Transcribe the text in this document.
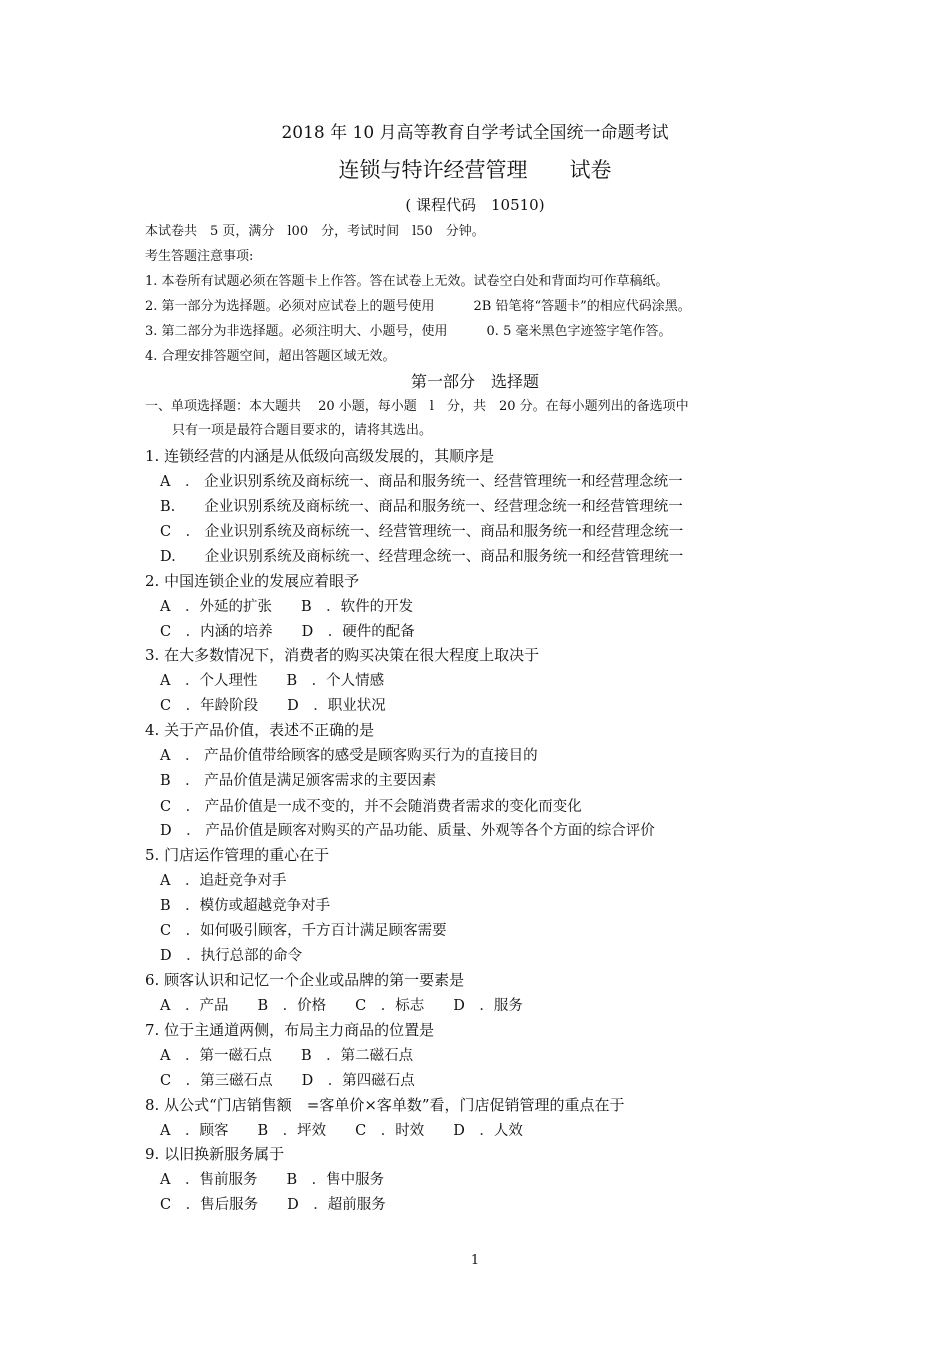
2018 年 10 月高等教育自学考试全国统一命题考试
连锁与特许经营管理　　试卷
( 课程代码　10510)
本试卷共　5 页，满分　l00　分，考试时间　l50　分钟。
考生答题注意事项:
1. 本卷所有试题必须在答题卡上作答。答在试卷上无效。试卷空白处和背面均可作草稿纸。
2. 第一部分为选择题。必须对应试卷上的题号使用　　　2B 铅笔将“答题卡”的相应代码涂黑。
3. 第二部分为非选择题。必须注明大、小题号，使用　　　0. 5 毫米黑色字迹签字笔作答。
4. 合理安排答题空间，超出答题区域无效。
第一部分　选择题
一、单项选择题：本大题共　 20 小题，每小题　l　分，共　20 分。在每小题列出的备选项中
只有一项是最符合题目要求的，请将其选出。
1. 连锁经营的内涵是从低级向高级发展的，其顺序是
A　． 企业识别系统及商标统一、商品和服务统一、经营管理统一和经营理念统一
B.　　企业识别系统及商标统一、商品和服务统一、经营理念统一和经营管理统一
C　． 企业识别系统及商标统一、经营管理统一、商品和服务统一和经营理念统一
D.　　企业识别系统及商标统一、经营理念统一、商品和服务统一和经营管理统一
2. 中国连锁企业的发展应着眼予
A　．外延的扩张　　B　．软件的开发
C　．内涵的培养　　D　．硬件的配备
3. 在大多数情况下，消费者的购买决策在很大程度上取决于
A　．个人理性　　B　．个人情感
C　．年龄阶段　　D　．职业状况
4. 关于产品价值，表述不正确的是
A　． 产品价值带给顾客的感受是顾客购买行为的直接目的
B　． 产品价值是满足颁客需求的主要因素
C　． 产品价值是一成不变的，并不会随消费者需求的变化而变化
D　． 产品价值是顾客对购买的产品功能、质量、外观等各个方面的综合评价
5. 门店运作管理的重心在于
A　．追赶竞争对手
B　．模仿或超越竞争对手
C　．如何吸引顾客，千方百计满足顾客需要
D　．执行总部的命令
6. 顾客认识和记忆一个企业或品牌的第一要素是
A　．产品　　B　．价格　　C　．标志　　D　．服务
7. 位于主通道两侧，布局主力商品的位置是
A　．第一磁石点　　B　．第二磁石点
C　．第三磁石点　　D　．第四磁石点
8. 从公式“门店销售额　=客单价×客单数”看，门店促销管理的重点在于
A　．顾客　　B　．坪效　　C　．时效　　D　．人效
9. 以旧换新服务属于
A　．售前服务　　B　．售中服务
C　．售后服务　　D　．超前服务
1
